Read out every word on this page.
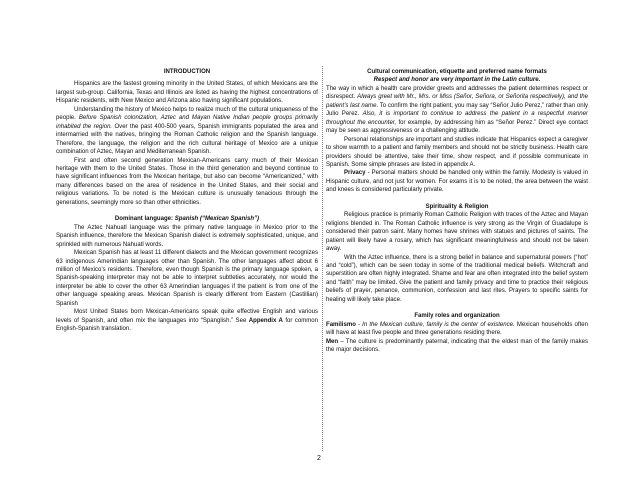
INTRODUCTION

Hispanics are the fastest growing minority in the United States, of which Mexicans are the largest sub-group. California, Texas and Illinois are listed as having the highest concentrations of Hispanic residents, with New Mexico and Arizona also having significant populations.

Understanding the history of Mexico helps to realize much of the cultural uniqueness of the people. Before Spanish colonization, Aztec and Mayan Native Indian people groups primarily inhabited the region. Over the past 400-500 years, Spanish immigrants populated the area and intermarried with the natives, bringing the Roman Catholic religion and the Spanish language. Therefore, the language, the religion and the rich cultural heritage of Mexico are a unique combination of Aztec, Mayan and Mediterranean Spanish.

First and often second generation Mexican-Americans carry much of their Mexican heritage with them to the United States. Those in the third generation and beyond continue to have significant influences from the Mexican heritage, but also can become “Americanized,” with many differences based on the area of residence in the United States, and their social and religious variations. To be noted is the Mexican culture is unusually tenacious through the generations, seemingly more so than other ethnicities.

Dominant language: Spanish (“Mexican Spanish”)

The Aztec Nahuatl language was the primary native language in Mexico prior to the Spanish influence, therefore the Mexican Spanish dialect is extremely sophisticated, unique, and sprinkled with numerous Nahuatl words.

Mexican Spanish has at least 11 different dialects and the Mexican government recognizes 63 indigenous Amerindian languages other than Spanish. The other languages affect about 6 million of Mexico’s residents. Therefore, even though Spanish is the primary language spoken, a Spanish-speaking interpreter may not be able to interpret subtleties accurately, nor would the interpreter be able to cover the other 63 Amerindian languages if the patient is from one of the other language speaking areas. Mexican Spanish is clearly different from Eastern (Castillian) Spanish

Most United States born Mexican-Americans speak quite effective English and various levels of Spanish, and often mix the languages into “Spanglish.” See Appendix A for common English-Spanish translation.

Cultural communication, etiquette and preferred name formats

Respect and honor are very important in the Latin culture.

The way in which a health care provider greets and addresses the patient determines respect or disrespect. Always greet with Mr., Mrs. or Miss (Señor, Señora, or Señorita respectively), and the patient’s last name. To confirm the right patient, you may say “Señor Julio Perez,” rather than only Julio Perez. Also, it is important to continue to address the patient in a respectful manner throughout the encounter, for example, by addressing him as “Señor Perez.” Direct eye contact may be seen as aggressiveness or a challenging attitude.

Personal relationships are important and studies indicate that Hispanics expect a caregiver to show warmth to a patient and family members and should not be strictly business. Health care providers should be attentive, take their time, show respect, and if possible communicate in Spanish. Some simple phrases are listed in appendix A.

Privacy - Personal matters should be handled only within the family. Modesty is valued in Hispanic culture, and not just for women. For exams it is to be noted, the area between the waist and knees is considered particularly private.

Spirituality & Religion

Religious practice is primarily Roman Catholic Religion with traces of the Aztec and Mayan religions blended in. The Roman Catholic influence is very strong as the Virgin of Guadalupe is considered their patron saint. Many homes have shrines with statues and pictures of saints. The patient will likely have a rosary, which has significant meaningfulness and should not be taken away.

With the Aztec influence, there is a strong belief in balance and supernatural powers (“hot” and “cold”), which can be seen today in some of the traditional medical beliefs. Witchcraft and superstition are often highly integrated. Shame and fear are often integrated into the belief system and “faith” may be limited. Give the patient and family privacy and time to practice their religious beliefs of prayer, penance, communion, confession and last rites. Prayers to specific saints for healing will likely take place.

Family roles and organization

Familismo - In the Mexican culture, family is the center of existence. Mexican households often will have at least five people and three generations residing there.

Men – The culture is predominantly paternal, indicating that the eldest man of the family makes the major decisions.

2
